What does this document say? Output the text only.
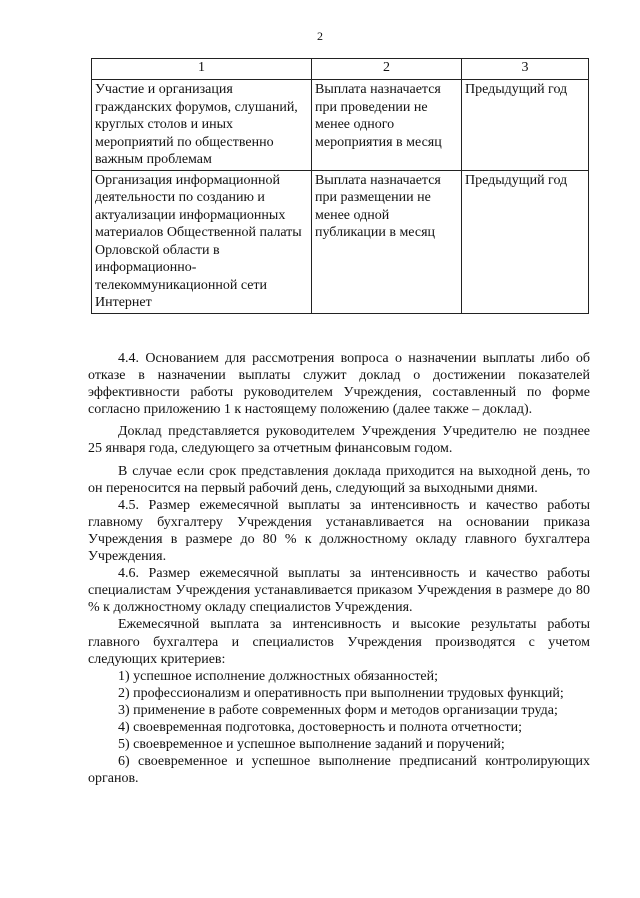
2
1	2	3
Участие и организация гражданских форумов, слушаний, круглых столов и иных мероприятий по общественно важным проблемам	Выплата назначается при проведении не менее одного мероприятия в месяц	Предыдущий год
Организация информационной деятельности по созданию и актуализации информационных материалов Общественной палаты Орловской области в информационно-телекоммуникационной сети Интернет	Выплата назначается при размещении не менее одной публикации в месяц	Предыдущий год

4.4. Основанием для рассмотрения вопроса о назначении выплаты либо об отказе в назначении выплаты служит доклад о достижении показателей эффективности работы руководителем Учреждения, составленный по форме согласно приложению 1 к настоящему положению (далее также – доклад).

Доклад представляется руководителем Учреждения Учредителю не позднее 25 января года, следующего за отчетным финансовым годом.

В случае если срок представления доклада приходится на выходной день, то он переносится на первый рабочий день, следующий за выходными днями.

4.5. Размер ежемесячной выплаты за интенсивность и качество работы главному бухгалтеру Учреждения устанавливается на основании приказа Учреждения в размере до 80 % к должностному окладу главного бухгалтера Учреждения.

4.6. Размер ежемесячной выплаты за интенсивность и качество работы специалистам Учреждения устанавливается приказом Учреждения в размере до 80 % к должностному окладу специалистов Учреждения.

Ежемесячной выплата за интенсивность и высокие результаты работы главного бухгалтера и специалистов Учреждения производятся с учетом следующих критериев:

1) успешное исполнение должностных обязанностей;

2) профессионализм и оперативность при выполнении трудовых функций;

3) применение в работе современных форм и методов организации труда;

4) своевременная подготовка, достоверность и полнота отчетности;

5) своевременное и успешное выполнение заданий и поручений;

6) своевременное и успешное выполнение предписаний контролирующих органов.
